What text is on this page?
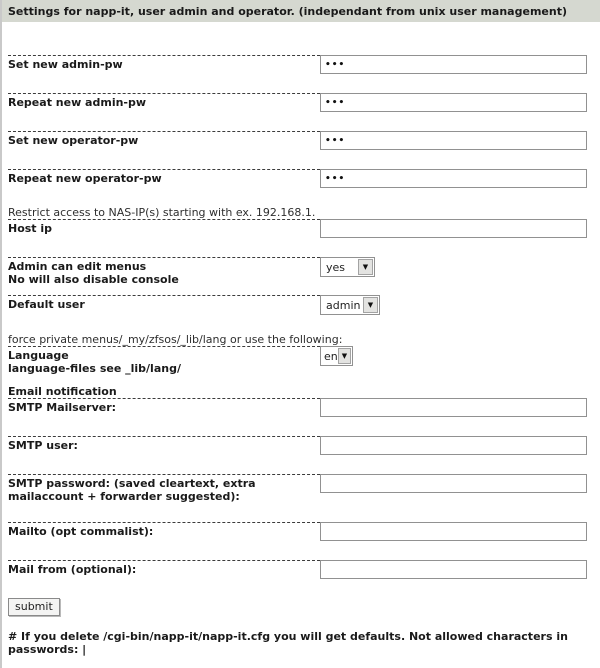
Settings for napp-it, user admin and operator. (independant from unix user management)
Set new admin-pw
•••
Repeat new admin-pw
•••
Set new operator-pw
•••
Repeat new operator-pw
•••
Restrict access to NAS-IP(s) starting with ex. 192.168.1.
Host ip
Admin can edit menus
No will also disable console
yes	▼
Default user	admin ▼
force private menus/_my/zfsos/_lib/lang or use the following:
Language
language-files see _lib/lang/
en ▼
Email notification
SMTP Mailserver:
SMTP user:
SMTP password: (saved cleartext, extra mailaccount + forwarder suggested):
Mailto (opt commalist):
Mail from (optional):
submit
# If you delete /cgi-bin/napp-it/napp-it.cfg you will get defaults. Not allowed characters in passwords: |
